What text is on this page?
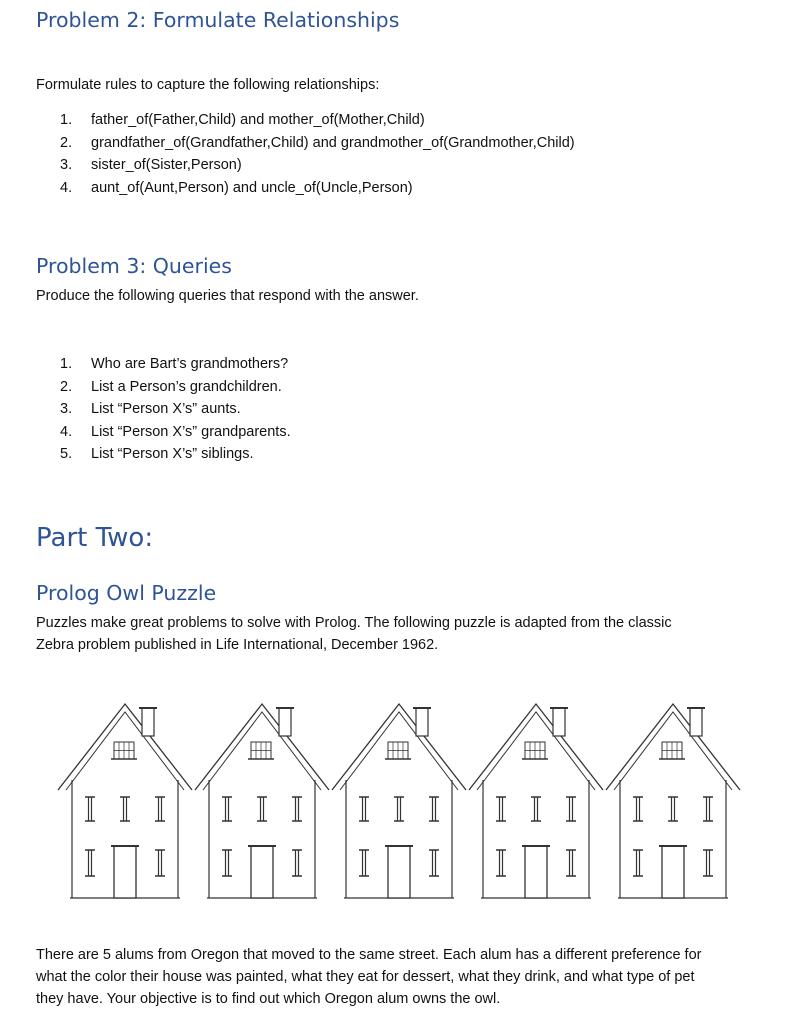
Problem 2: Formulate Relationships

Formulate rules to capture the following relationships:

1. father_of(Father,Child) and mother_of(Mother,Child)
2. grandfather_of(Grandfather,Child) and grandmother_of(Grandmother,Child)
3. sister_of(Sister,Person)
4. aunt_of(Aunt,Person) and uncle_of(Uncle,Person)
Problem 3: Queries

Produce the following queries that respond with the answer.

1. Who are Bart’s grandmothers?
2. List a Person’s grandchildren.
3. List “Person X’s” aunts.
4. List “Person X’s” grandparents.
5. List “Person X’s” siblings.
Part Two:
Prolog Owl Puzzle

Puzzles make great problems to solve with Prolog. The following puzzle is adapted from the classic

Zebra problem published in Life International, December 1962.

There are 5 alums from Oregon that moved to the same street. Each alum has a different preference for

what the color their house was painted, what they eat for dessert, what they drink, and what type of pet

they have. Your objective is to find out which Oregon alum owns the owl.
